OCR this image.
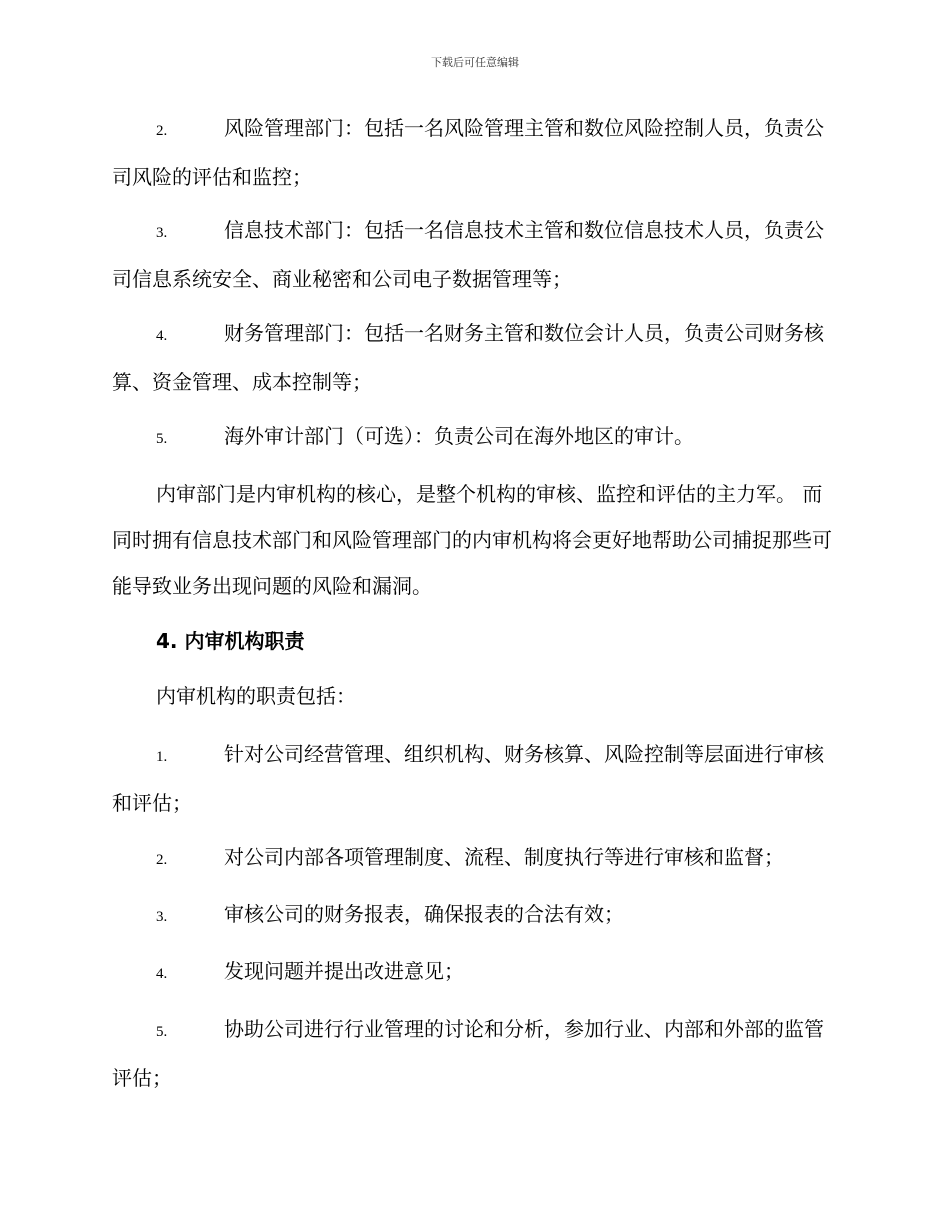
下载后可任意编辑
2.	风险管理部门：包括一名风险管理主管和数位风险控制人员，负责公司风险的评估和监控；
3.	信息技术部门：包括一名信息技术主管和数位信息技术人员，负责公司信息系统安全、商业秘密和公司电子数据管理等；
4.	财务管理部门：包括一名财务主管和数位会计人员，负责公司财务核算、资金管理、成本控制等；
5.	海外审计部门（可选）：负责公司在海外地区的审计。
内审部门是内审机构的核心，是整个机构的审核、监控和评估的主力军。 而同时拥有信息技术部门和风险管理部门的内审机构将会更好地帮助公司捕捉那些可能导致业务出现问题的风险和漏洞。
4. 内审机构职责
内审机构的职责包括：
1.	针对公司经营管理、组织机构、财务核算、风险控制等层面进行审核和评估；
2.	对公司内部各项管理制度、流程、制度执行等进行审核和监督；
3.	审核公司的财务报表，确保报表的合法有效；
4.	发现问题并提出改进意见；
5.	协助公司进行行业管理的讨论和分析，参加行业、内部和外部的监管评估；
